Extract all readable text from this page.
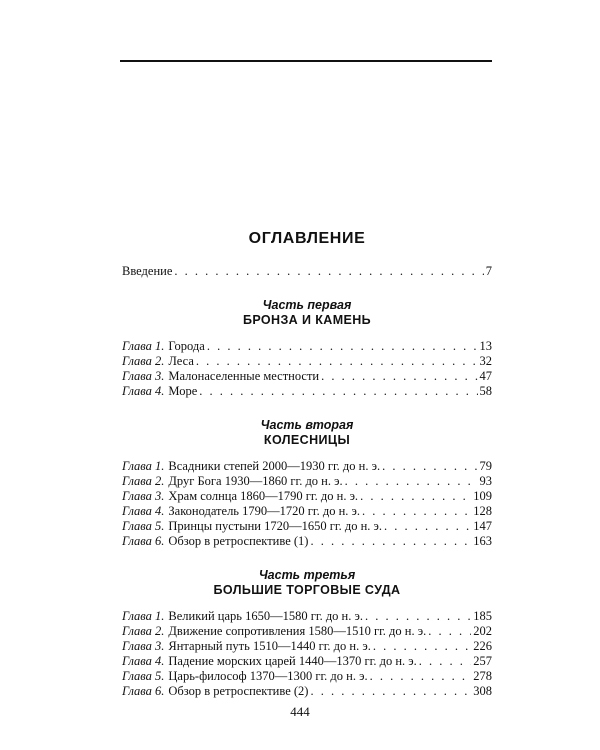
ОГЛАВЛЕНИЕ
Введение . . .	7
Часть первая
БРОНЗА И КАМЕНЬ
Глава 1. Города . . .	13
Глава 2. Леса . . .	32
Глава 3. Малонаселенные местности . . .	47
Глава 4. Море . . .	58
Часть вторая
КОЛЕСНИЦЫ
Глава 1. Всадники степей 2000—1930 гг. до н. э. . . .	79
Глава 2. Друг Бога 1930—1860 гг. до н. э. . . .	93
Глава 3. Храм солнца 1860—1790 гг. до н. э. . . .	109
Глава 4. Законодатель 1790—1720 гг. до н. э. . . .	128
Глава 5. Принцы пустыни 1720—1650 гг. до н. э. . . .	147
Глава 6. Обзор в ретроспективе (1) . . .	163
Часть третья
БОЛЬШИЕ ТОРГОВЫЕ СУДА
Глава 1. Великий царь 1650—1580 гг. до н. э. . . .	185
Глава 2. Движение сопротивления 1580—1510 гг. до н. э. . . .	202
Глава 3. Янтарный путь 1510—1440 гг. до н. э. . . .	226
Глава 4. Падение морских царей 1440—1370 гг. до н. э. . . .	257
Глава 5. Царь-философ 1370—1300 гг. до н. э. . . .	278
Глава 6. Обзор в ретроспективе (2) . . .	308
444
